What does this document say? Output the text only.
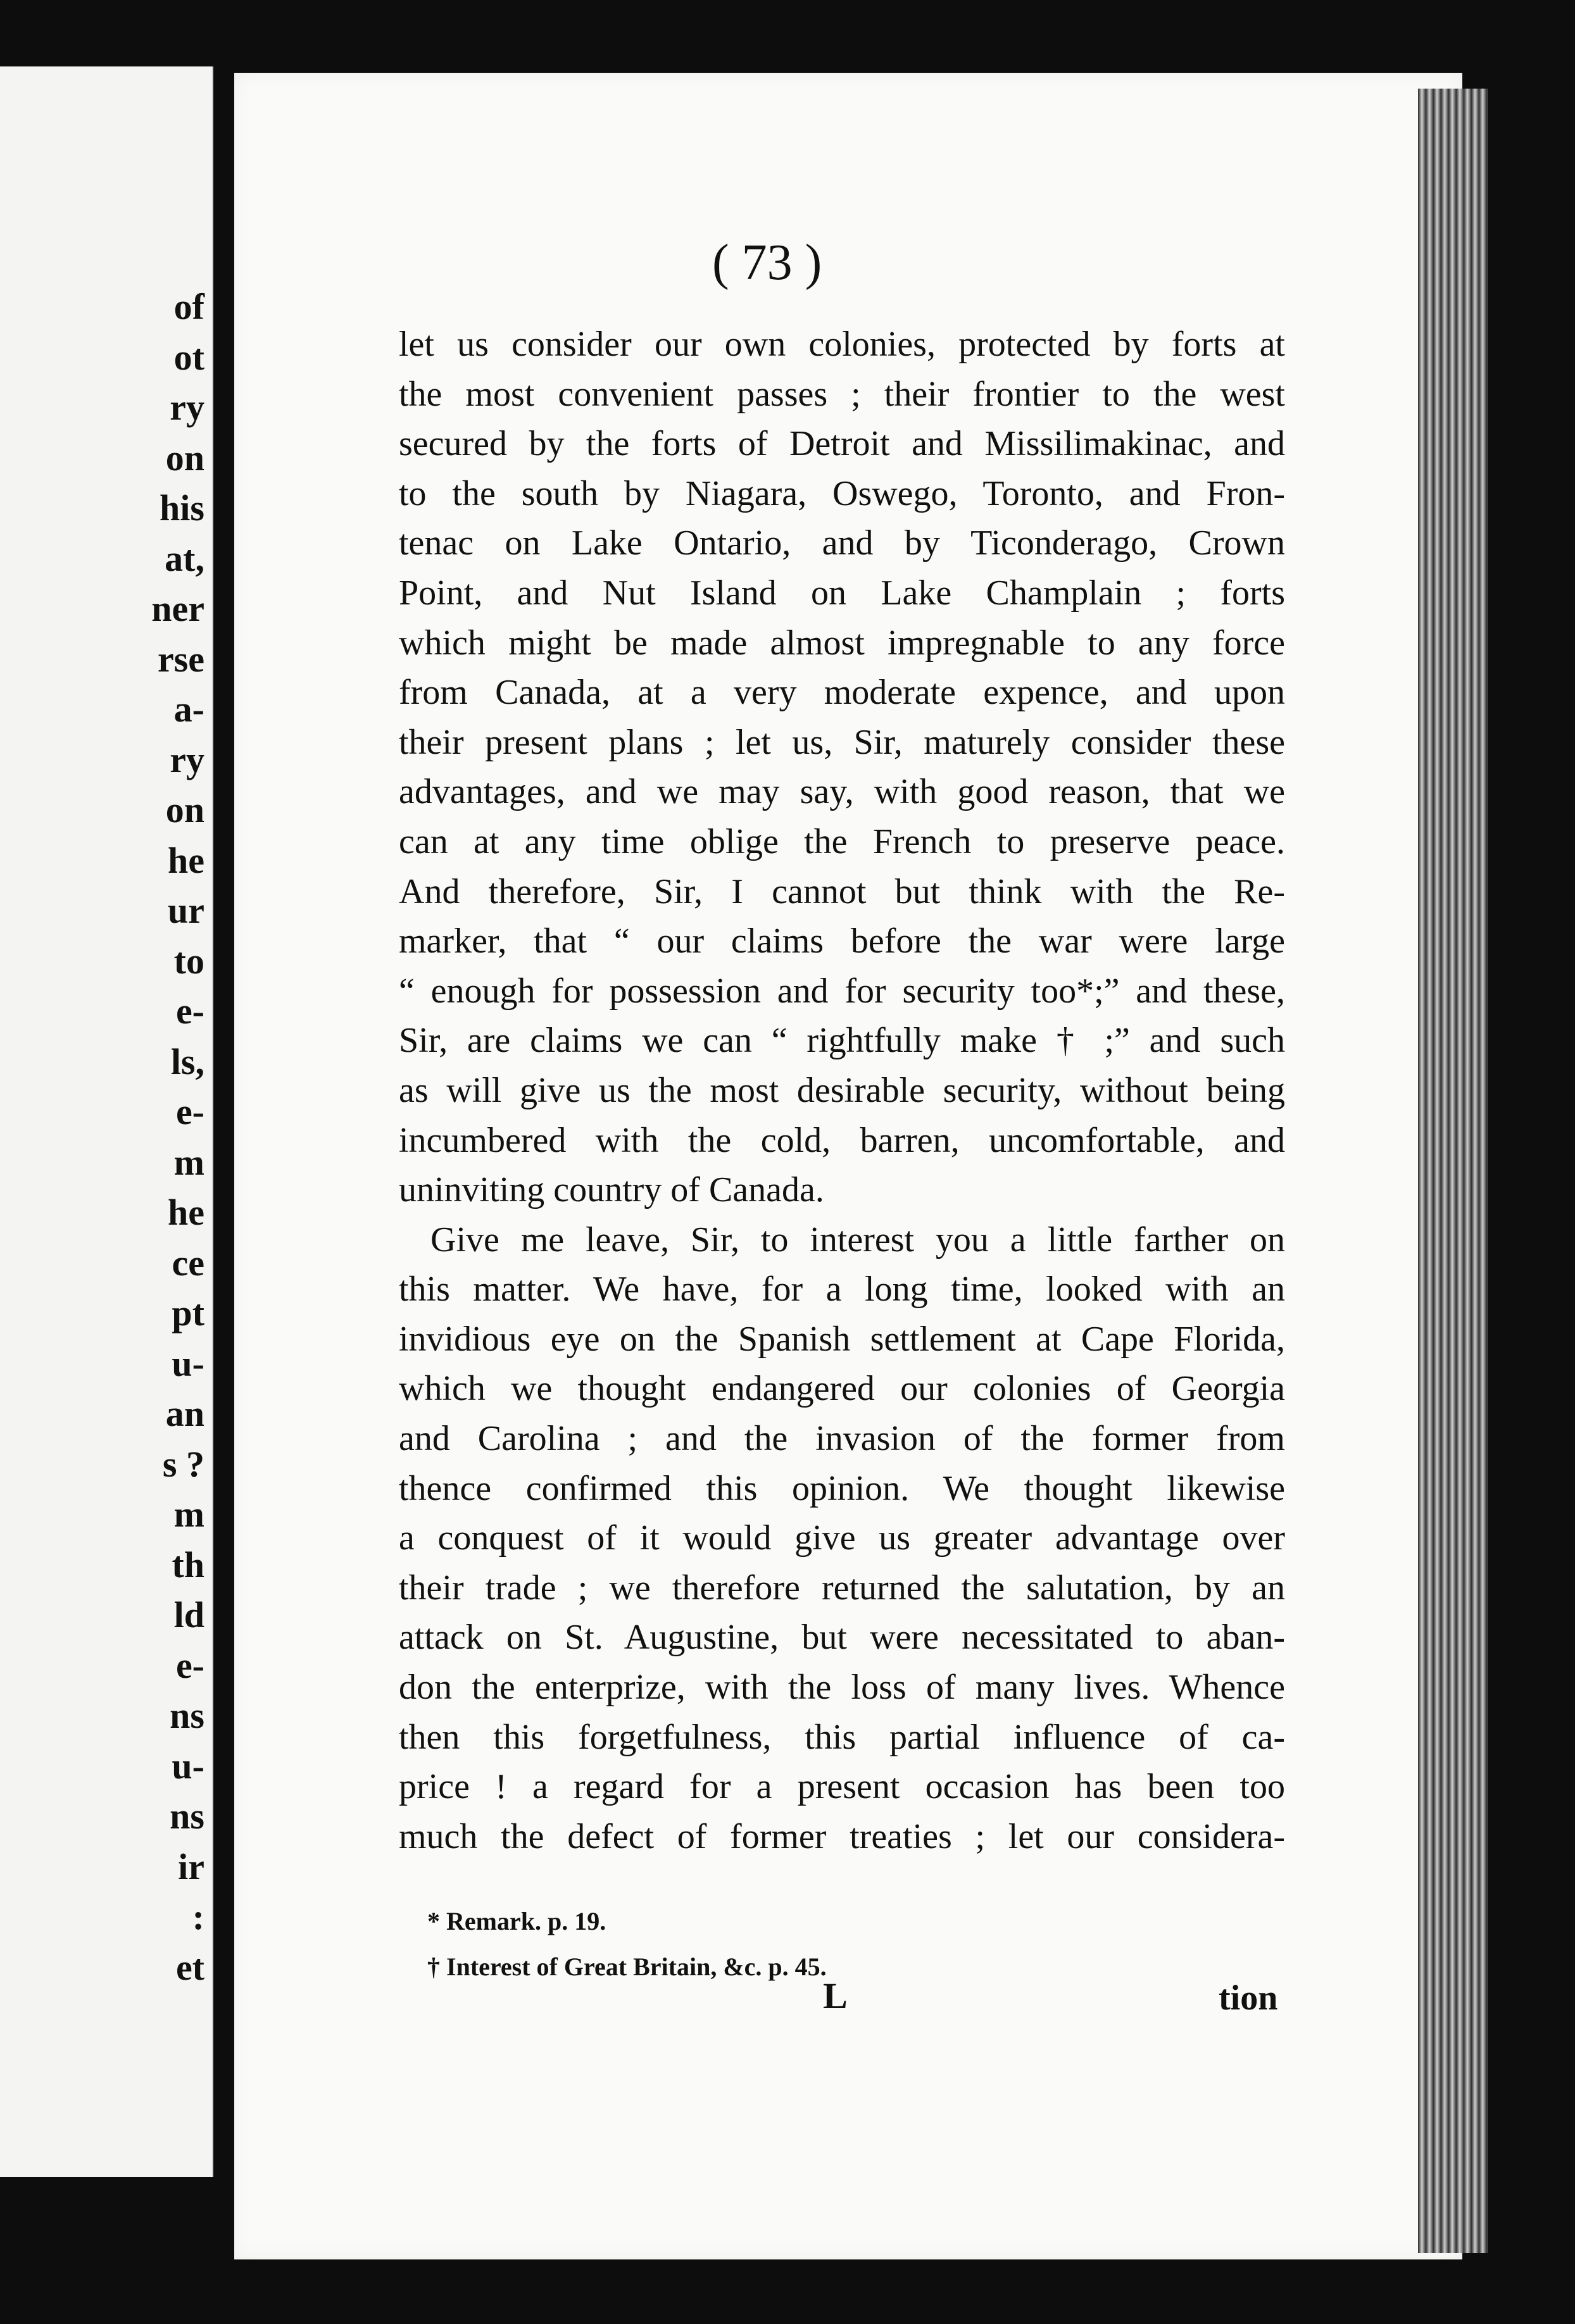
of
ot
ry
on
his
at,
ner
rse
a-
ry
on
he
ur
to
e-
ls,
e-
m
he
ce
pt
u-
an
s ?
m
th
ld
e-
ns
u-
ns
ir
:
et
( 73 )
let us consider our own colonies, protected by forts at
the most convenient passes ; their frontier to the west
secured by the forts of Detroit and Missilimakinac, and
to the south by Niagara, Oswego, Toronto, and Fron-
tenac on Lake Ontario, and by Ticonderago, Crown
Point, and Nut Island on Lake Champlain ; forts
which might be made almost impregnable to any force
from Canada, at a very moderate expence, and upon
their present plans ; let us, Sir, maturely consider these
advantages, and we may say, with good reason, that we
can at any time oblige the French to preserve peace.
And therefore, Sir, I cannot but think with the Re-
marker, that “ our claims before the war were large
“ enough for possession and for security too*;” and these,
Sir, are claims we can “ rightfully make † ;” and such
as will give us the most desirable security, without being
incumbered with the cold, barren, uncomfortable, and
uninviting country of Canada.
Give me leave, Sir, to interest you a little farther on
this matter. We have, for a long time, looked with an
invidious eye on the Spanish settlement at Cape Florida,
which we thought endangered our colonies of Georgia
and Carolina ; and the invasion of the former from
thence confirmed this opinion. We thought likewise
a conquest of it would give us greater advantage over
their trade ; we therefore returned the salutation, by an
attack on St. Augustine, but were necessitated to aban-
don the enterprize, with the loss of many lives. Whence
then this forgetfulness, this partial influence of ca-
price ! a regard for a present occasion has been too
much the defect of former treaties ; let our considera-
* Remark. p. 19.
† Interest of Great Britain, &c. p. 45.
L	tion
